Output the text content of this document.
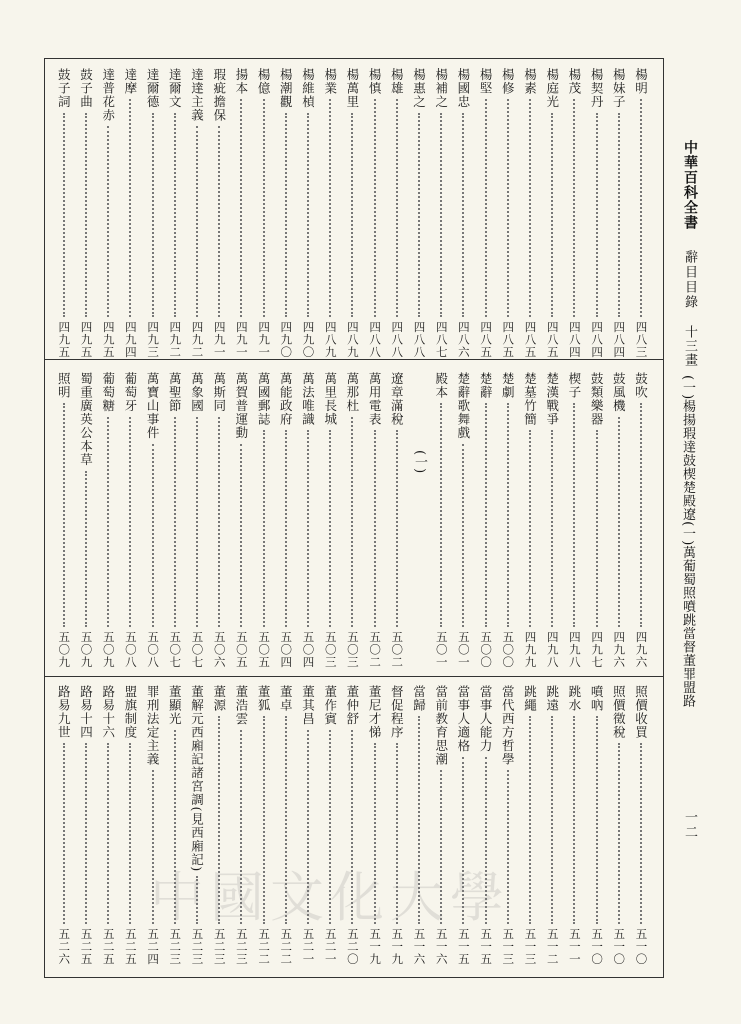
楊明
四八三
楊妹子
四八四
楊契丹
四八四
楊茂
四八四
楊庭光
四八五
楊素
四八五
楊修
四八五
楊堅
四八五
楊國忠
四八六
楊補之
四八七
楊惠之
四八八
楊雄
四八八
楊慎
四八八
楊萬里
四八九
楊業
四八九
楊維楨
四九〇
楊潮觀
四九〇
楊億
四九一
揚本
四九一
瑕疵擔保
四九一
達達主義
四九二
達爾文
四九二
達爾德
四九三
達摩
四九四
達普花赤
四九五
鼓子曲
四九五
鼓子詞
四九五
鼓吹
四九六
鼓風機
四九六
鼓類樂器
四九七
楔子
四九八
楚漢戰爭
四九八
楚墓竹簡
四九九
楚劇
五〇〇
楚辭
五〇〇
楚辭歌舞戲
五〇一
殿本
五〇一
(一)
遼章滿稅
五〇二
萬用電表
五〇二
萬那杜
五〇三
萬里長城
五〇三
萬法唯識
五〇四
萬能政府
五〇四
萬國郵誌
五〇五
萬賀普運動
五〇五
萬斯同
五〇六
萬象國
五〇七
萬聖節
五〇七
萬寶山事件
五〇八
葡萄牙
五〇八
葡萄糖
五〇九
蜀重廣英公本草
五〇九
照明
五〇九
照價收買
五一〇
照價徵稅
五一〇
噴吶
五一〇
跳水
五一一
跳遠
五一二
跳繩
五一三
當代西方哲學
五一三
當事人能力
五一五
當事人適格
五一五
當前教育思潮
五一六
當歸
五一六
督促程序
五一九
董尼才悌
五一九
董仲舒
五二〇
董作賓
五二一
董其昌
五二一
董卓
五二二
董狐
五二二
董浩雲
五二三
董源
五二三
董解元西廂記諸宮調(見西廂記)
五二三
董顯光
五二三
罪刑法定主義
五二四
盟旗制度
五二五
路易十六
五二五
路易十四
五二五
路易九世
五二六
中華百科全書
辭目目錄
十三畫
(一)楊揚瑕達鼓楔楚殿遼(一)萬葡蜀照噴跳當督董罪盟路
一二
中國文化大學
